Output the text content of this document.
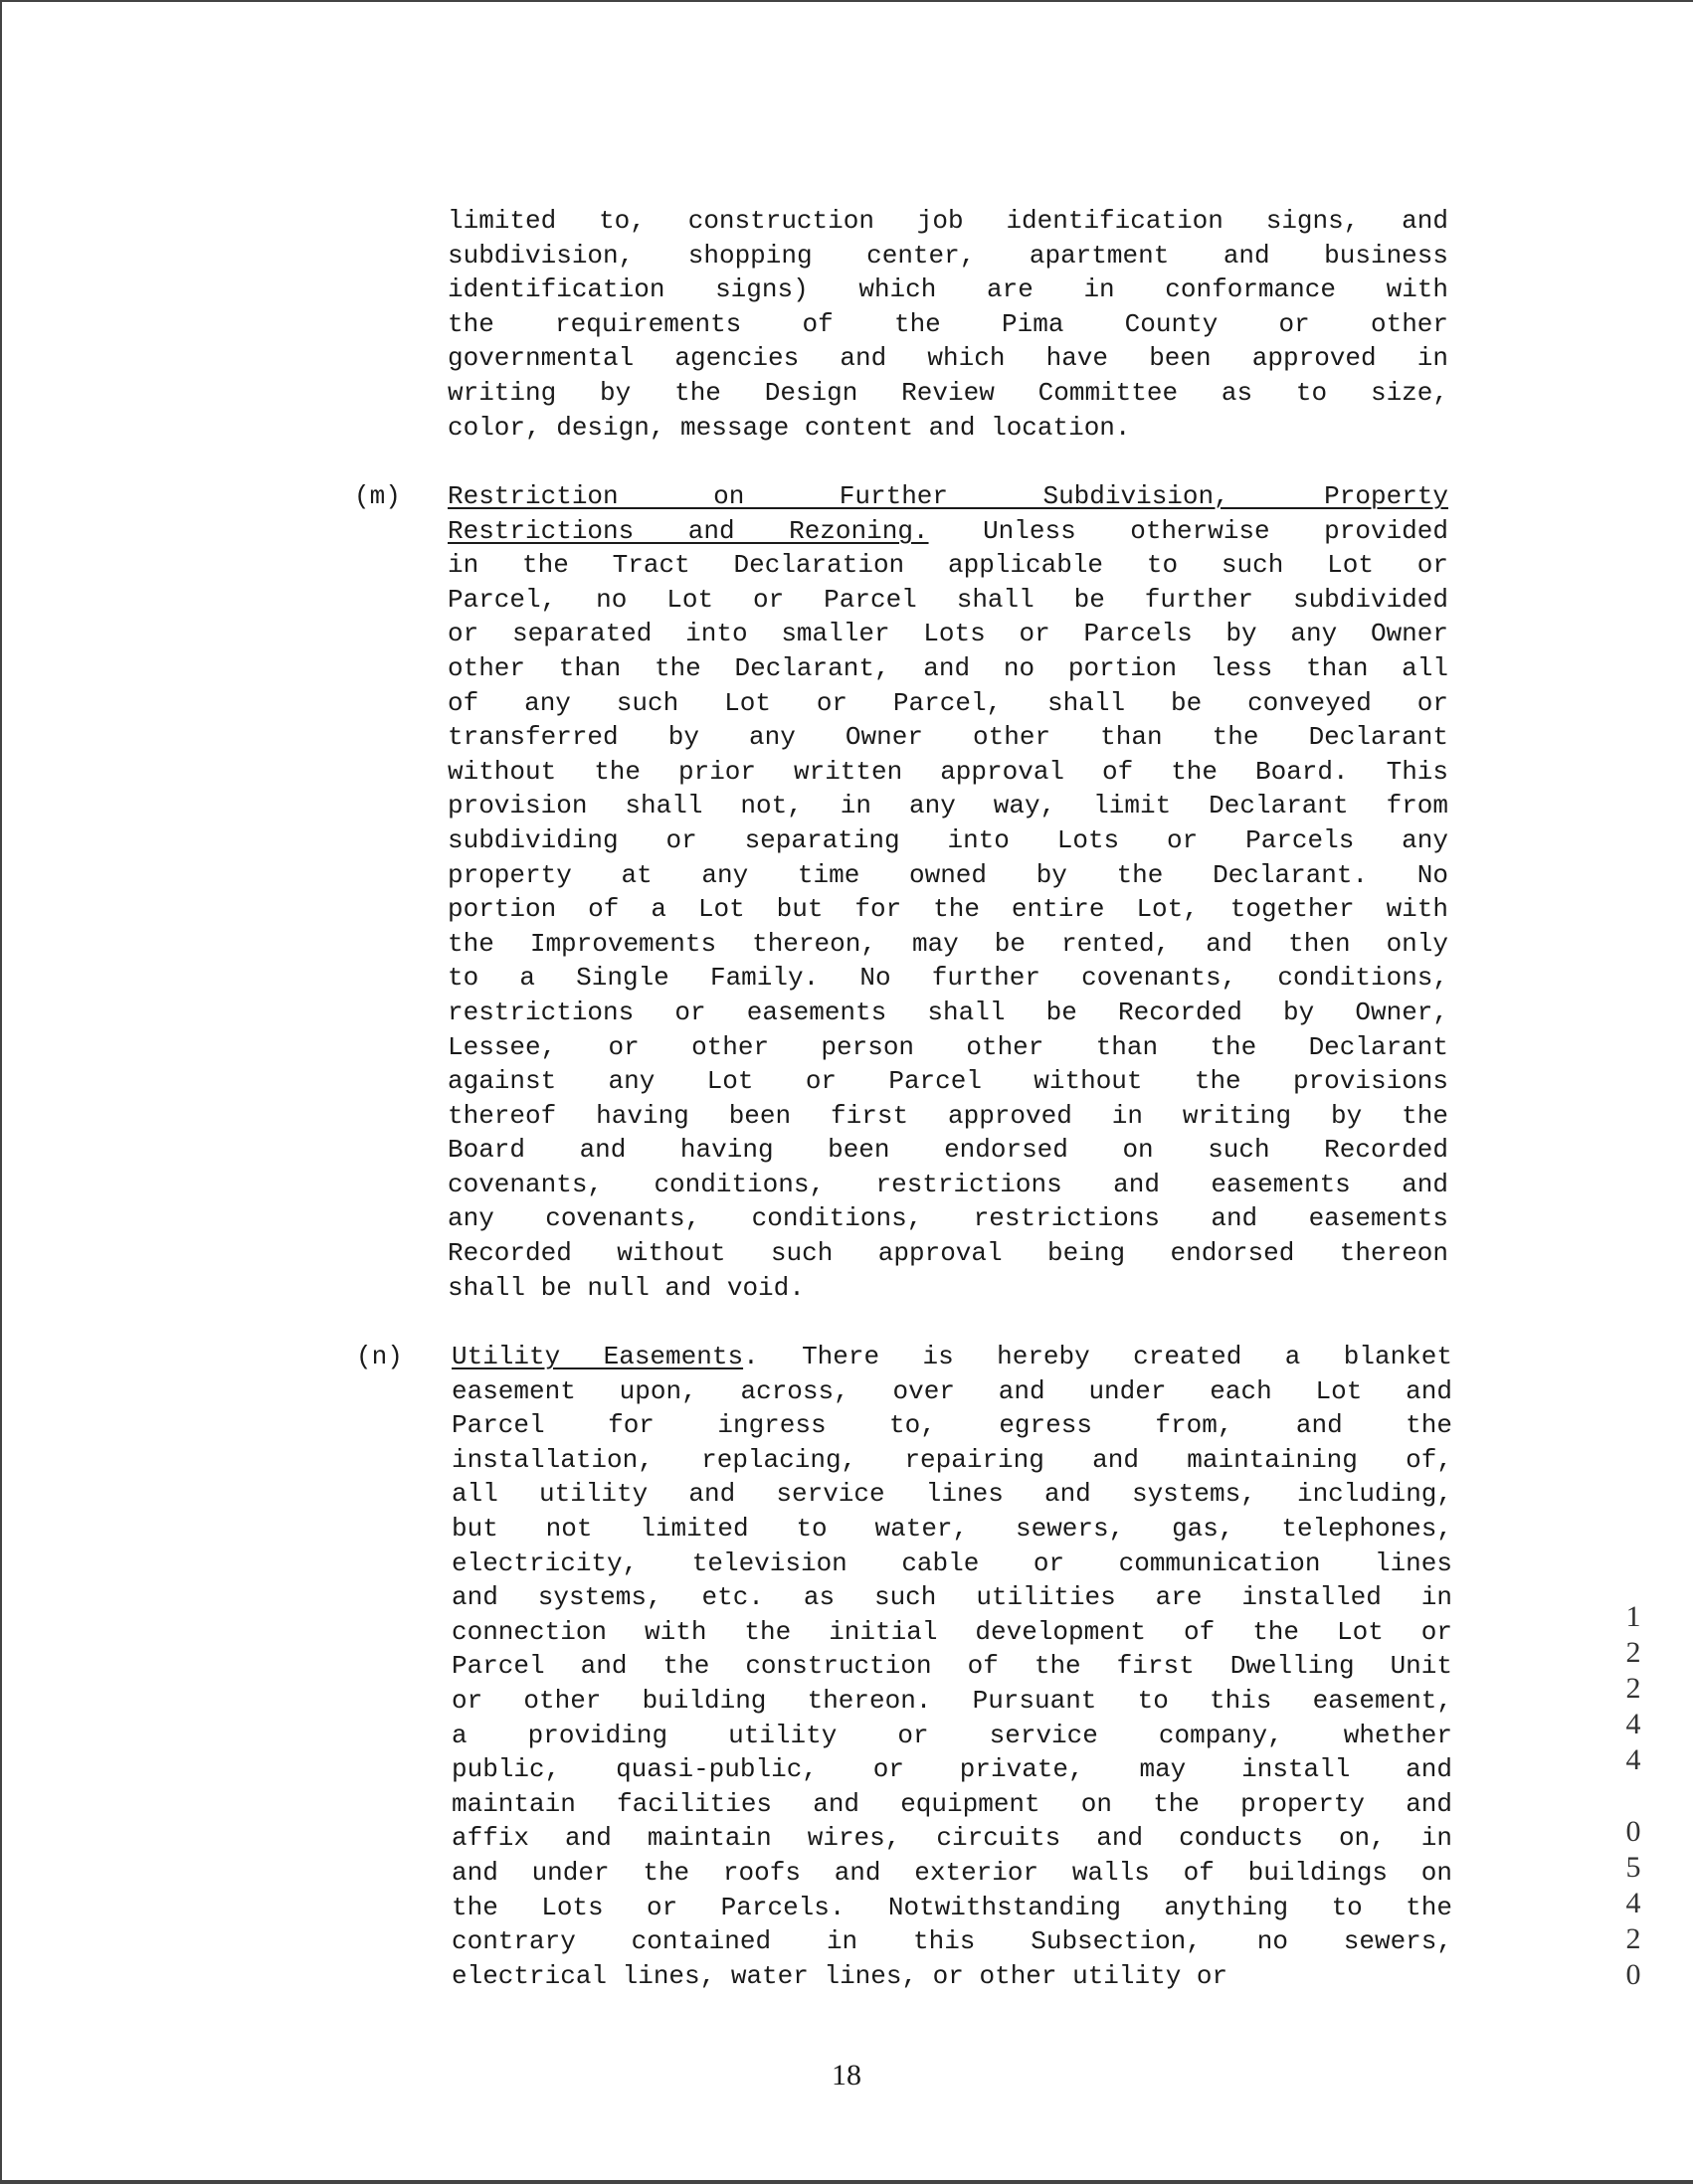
limited to, construction job identification signs, and
subdivision, shopping center, apartment and business
identification signs) which are in conformance with
the requirements of the Pima County or other
governmental agencies and which have been approved in
writing by the Design Review Committee as to size,
color, design, message content and location.
(m) Restriction on Further Subdivision, Property
Restrictions and Rezoning. Unless otherwise provided
in the Tract Declaration applicable to such Lot or
Parcel, no Lot or Parcel shall be further subdivided
or separated into smaller Lots or Parcels by any Owner
other than the Declarant, and no portion less than all
of any such Lot or Parcel, shall be conveyed or
transferred by any Owner other than the Declarant
without the prior written approval of the Board. This
provision shall not, in any way, limit Declarant from
subdividing or separating into Lots or Parcels any
property at any time owned by the Declarant. No
portion of a Lot but for the entire Lot, together with
the Improvements thereon, may be rented, and then only
to a Single Family. No further covenants, conditions,
restrictions or easements shall be Recorded by Owner,
Lessee, or other person other than the Declarant
against any Lot or Parcel without the provisions
thereof having been first approved in writing by the
Board and having been endorsed on such Recorded
covenants, conditions, restrictions and easements and
any covenants, conditions, restrictions and easements
Recorded without such approval being endorsed thereon
shall be null and void.
(n) Utility Easements. There is hereby created a blanket
easement upon, across, over and under each Lot and
Parcel for ingress to, egress from, and the
installation, replacing, repairing and maintaining of,
all utility and service lines and systems, including,
but not limited to water, sewers, gas, telephones,
electricity, television cable or communication lines
and systems, etc. as such utilities are installed in
connection with the initial development of the Lot or
Parcel and the construction of the first Dwelling Unit
or other building thereon. Pursuant to this easement,
a providing utility or service company, whether
public, quasi-public, or private, may install and
maintain facilities and equipment on the property and
affix and maintain wires, circuits and conducts on, in
and under the roofs and exterior walls of buildings on
the Lots or Parcels. Notwithstanding anything to the
contrary contained in this Subsection, no sewers,
electrical lines, water lines, or other utility or
1
2
2
4
4

0
5
4
2
0
18
